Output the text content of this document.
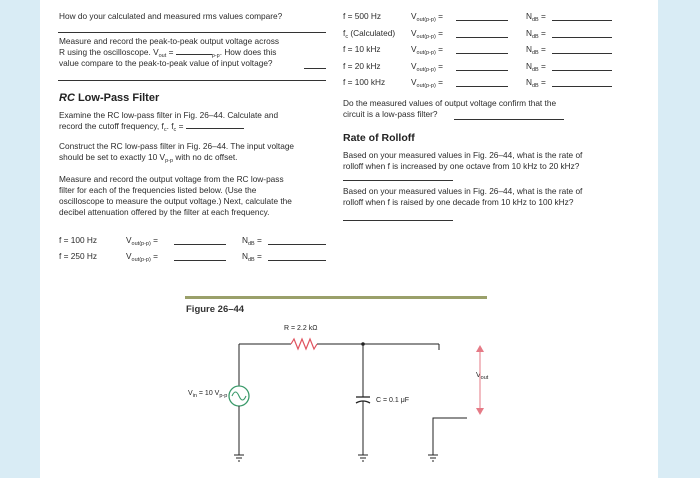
How do your calculated and measured rms values compare?
Measure and record the peak-to-peak output voltage across
R using the oscilloscope. $V_{out}$ =	$_{p-p}$. How does this
value compare to the peak-to-peak value of input voltage?
RC Low-Pass Filter
Examine the RC low-pass filter in Fig. 26–44. Calculate and
record the cutoff frequency, $f_c$. $f_c$ =
Construct the RC low-pass filter in Fig. 26–44. The input voltage
should be set to exactly 10 $V_{p-p}$ with no dc offset.
Measure and record the output voltage from the RC low-pass
filter for each of the frequencies listed below. (Use the
oscilloscope to measure the output voltage.) Next, calculate the
decibel attenuation offered by the filter at each frequency.
f = 100 Hz	$V_{out(p-p)}$ =	$N_{dB}$ =
f = 250 Hz	$V_{out(p-p)}$ =	$N_{dB}$ =
f = 500 Hz	$V_{out(p-p)}$ =	$N_{dB}$ =
$f_c$ (Calculated) $V_{out(p-p)}$ =	$N_{dB}$ =
f = 10 kHz	$V_{out(p-p)}$ =	$N_{dB}$ =
f = 20 kHz	$V_{out(p-p)}$ =	$N_{dB}$ =
f = 100 kHz	$V_{out(p-p)}$ =	$N_{dB}$ =
Do the measured values of output voltage confirm that the
circuit is a low-pass filter?
Rate of Rolloff
Based on your measured values in Fig. 26–44, what is the rate of
rolloff when f is increased by one octave from 10 kHz to 20 kHz?
Based on your measured values in Fig. 26–44, what is the rate of
rolloff when f is raised by one decade from 10 kHz to 100 kHz?
Figure 26–44
R = 2.2 kΩ
C = 0.1 μF
$V_{in} = 10$ $V_{p-p}$
$V_{out}$
